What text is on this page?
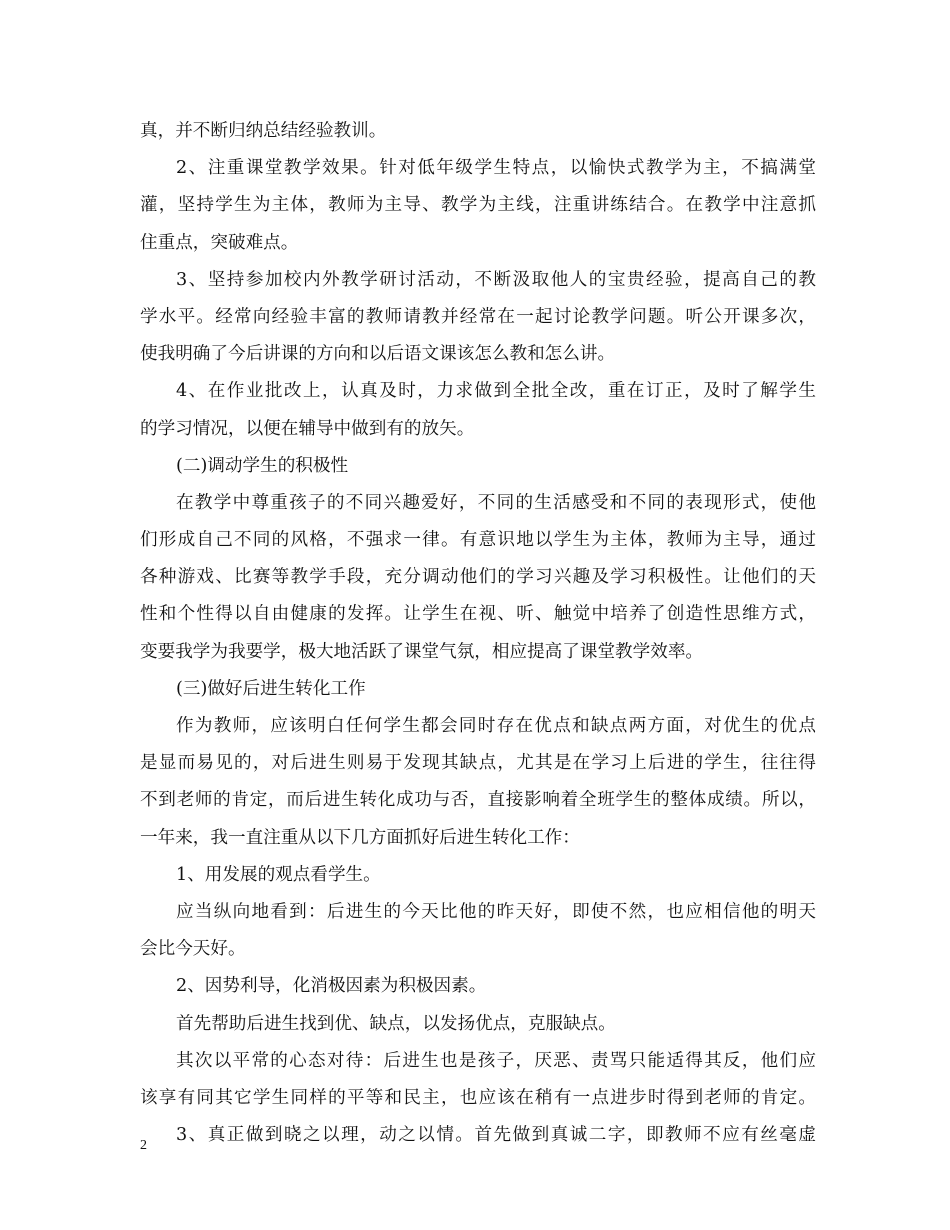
真，并不断归纳总结经验教训。
2、注重课堂教学效果。针对低年级学生特点，以愉快式教学为主，不搞满堂
灌，坚持学生为主体，教师为主导、教学为主线，注重讲练结合。在教学中注意抓
住重点，突破难点。
3、坚持参加校内外教学研讨活动，不断汲取他人的宝贵经验，提高自己的教
学水平。经常向经验丰富的教师请教并经常在一起讨论教学问题。听公开课多次，
使我明确了今后讲课的方向和以后语文课该怎么教和怎么讲。
4、在作业批改上，认真及时，力求做到全批全改，重在订正，及时了解学生
的学习情况，以便在辅导中做到有的放矢。
(二)调动学生的积极性
在教学中尊重孩子的不同兴趣爱好，不同的生活感受和不同的表现形式，使他
们形成自己不同的风格，不强求一律。有意识地以学生为主体，教师为主导，通过
各种游戏、比赛等教学手段，充分调动他们的学习兴趣及学习积极性。让他们的天
性和个性得以自由健康的发挥。让学生在视、听、触觉中培养了创造性思维方式，
变要我学为我要学，极大地活跃了课堂气氛，相应提高了课堂教学效率。
(三)做好后进生转化工作
作为教师，应该明白任何学生都会同时存在优点和缺点两方面，对优生的优点
是显而易见的，对后进生则易于发现其缺点，尤其是在学习上后进的学生，往往得
不到老师的肯定，而后进生转化成功与否，直接影响着全班学生的整体成绩。所以，
一年来，我一直注重从以下几方面抓好后进生转化工作：
1、用发展的观点看学生。
应当纵向地看到：后进生的今天比他的昨天好，即使不然，也应相信他的明天
会比今天好。
2、因势利导，化消极因素为积极因素。
首先帮助后进生找到优、缺点，以发扬优点，克服缺点。
其次以平常的心态对待：后进生也是孩子，厌恶、责骂只能适得其反，他们应
该享有同其它学生同样的平等和民主，也应该在稍有一点进步时得到老师的肯定。
3、真正做到晓之以理，动之以情。首先做到真诚二字，即教师不应有丝毫虚
2
